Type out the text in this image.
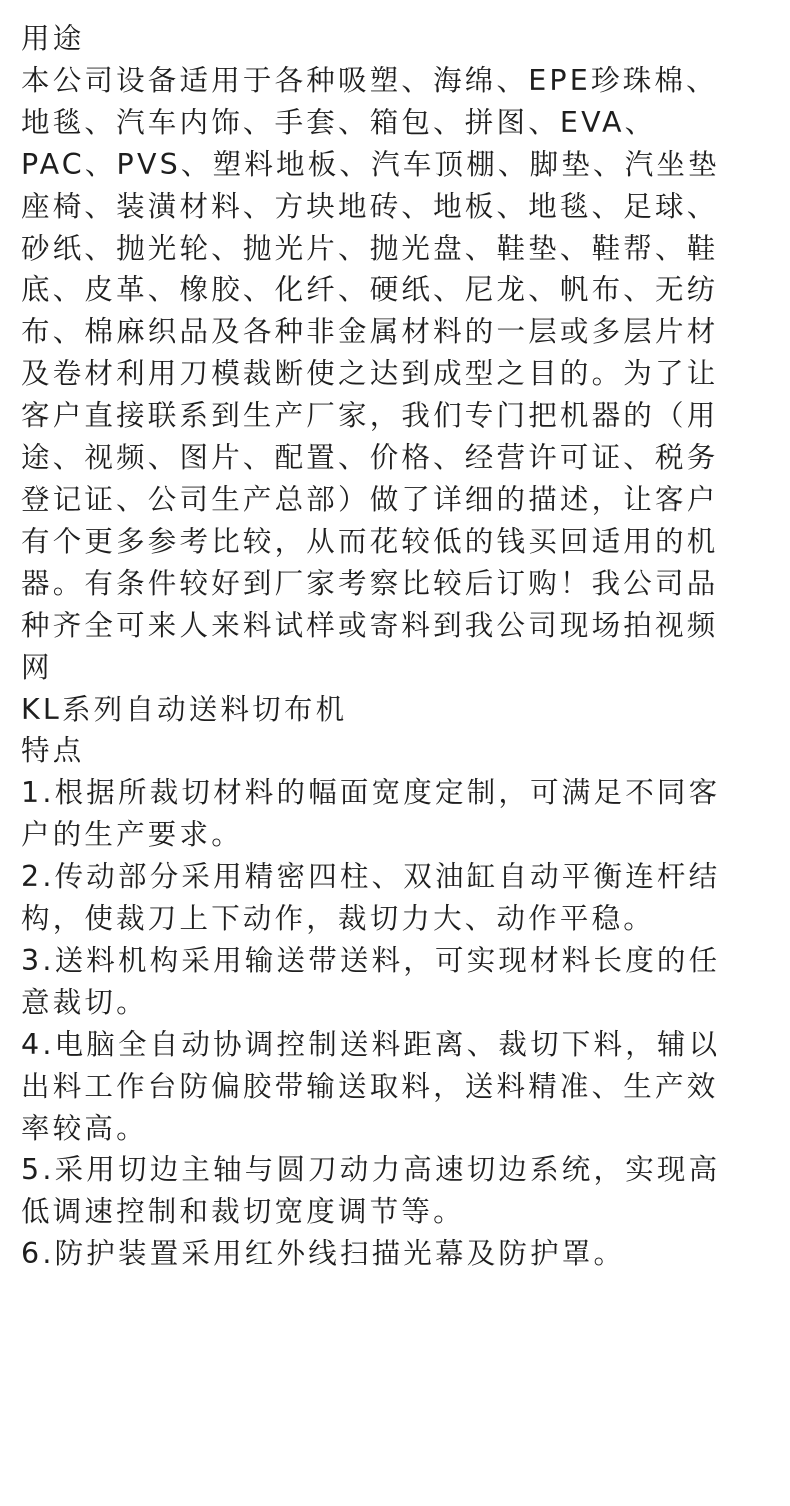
用途
本公司设备适用于各种吸塑、海绵、EPE珍珠棉、
地毯、汽车内饰、手套、箱包、拼图、EVA、
PAC、PVS、塑料地板、汽车顶棚、脚垫、汽坐垫
座椅、装潢材料、方块地砖、地板、地毯、足球、
砂纸、抛光轮、抛光片、抛光盘、鞋垫、鞋帮、鞋
底、皮革、橡胶、化纤、硬纸、尼龙、帆布、无纺
布、棉麻织品及各种非金属材料的一层或多层片材
及卷材利用刀模裁断使之达到成型之目的。为了让
客户直接联系到生产厂家，我们专门把机器的（用
途、视频、图片、配置、价格、经营许可证、税务
登记证、公司生产总部）做了详细的描述，让客户
有个更多参考比较，从而花较低的钱买回适用的机
器。有条件较好到厂家考察比较后订购！我公司品
种齐全可来人来料试样或寄料到我公司现场拍视频
网
KL系列自动送料切布机
特点
1.根据所裁切材料的幅面宽度定制，可满足不同客
户的生产要求。
2.传动部分采用精密四柱、双油缸自动平衡连杆结
构，使裁刀上下动作，裁切力大、动作平稳。
3.送料机构采用输送带送料，可实现材料长度的任
意裁切。
4.电脑全自动协调控制送料距离、裁切下料，辅以
出料工作台防偏胶带输送取料，送料精准、生产效
率较高。
5.采用切边主轴与圆刀动力高速切边系统，实现高
低调速控制和裁切宽度调节等。
6.防护装置采用红外线扫描光幕及防护罩。
